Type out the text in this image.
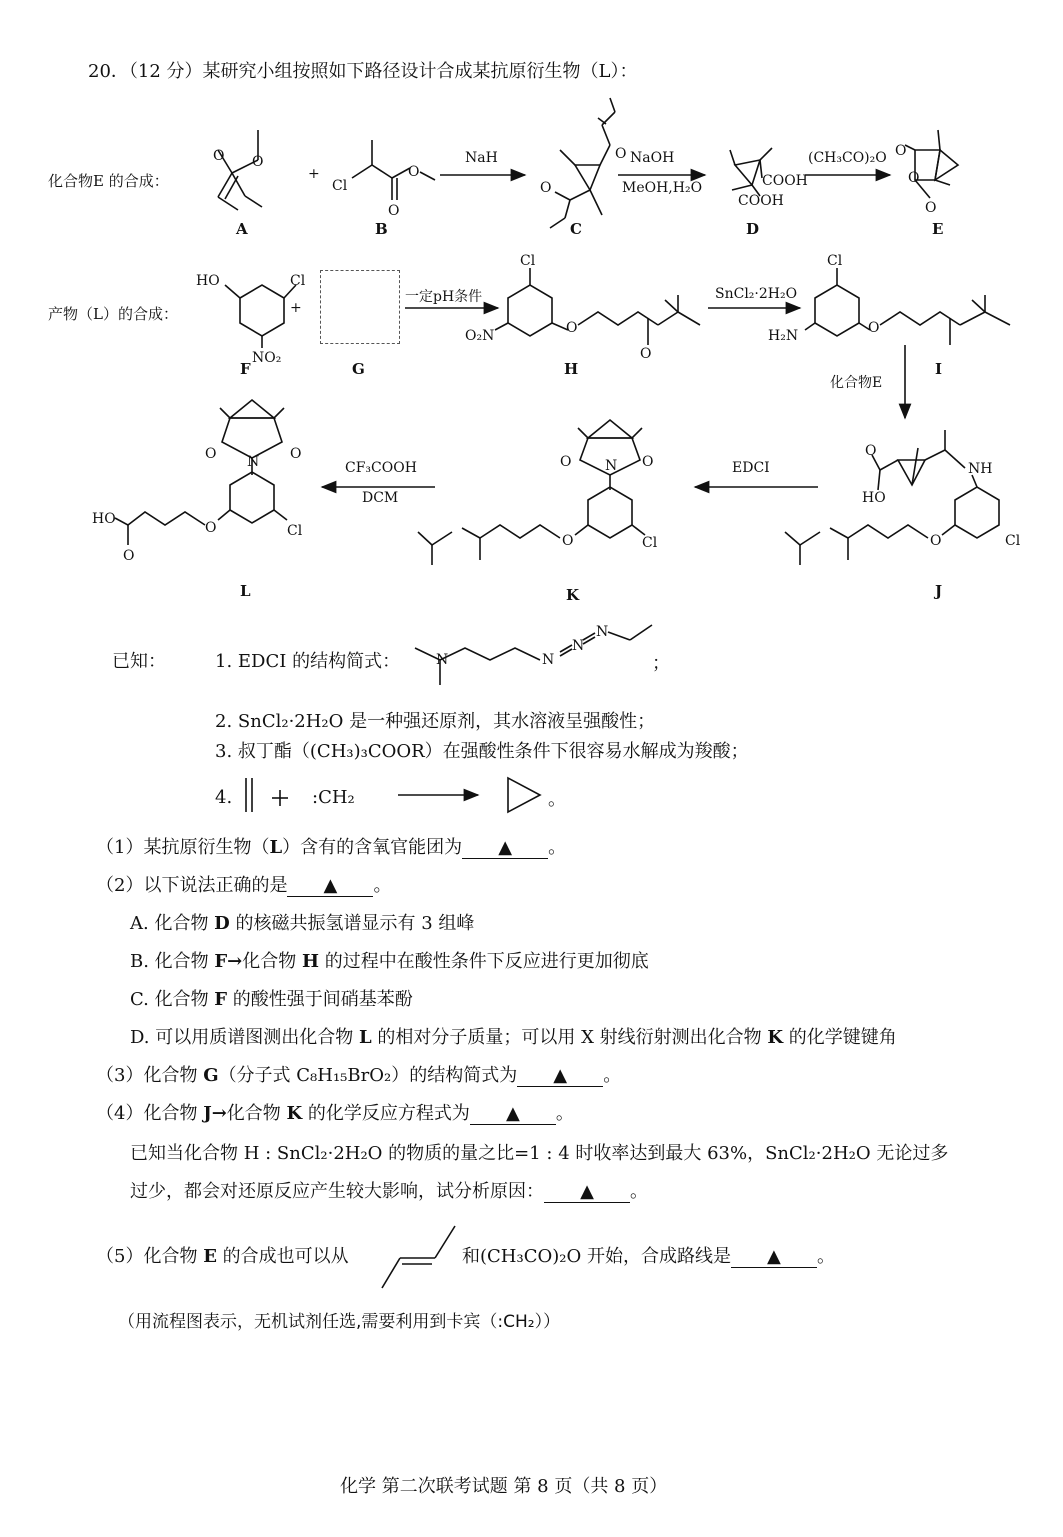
20．（12 分）某研究小组按照如下路径设计合成某抗原衍生物（L）：
化合物E 的合成：
产物（L）的合成：
O O
+
Cl
O
O
O
O	COOH
COOH
O
O
O
HO	Cl
NO₂
+
Cl
O₂N	O
O
Cl
H₂N	O
HO
O
NH
Cl
O
O	O
N
Cl
O
O	O
N
Cl
HO
O
O
NaH	NaOH
MeOH,H₂O
(CH₃CO)₂O
一定pH条件	SnCl₂·2H₂O
化合物E
EDCI
CF₃COOH
DCM
A	B	C	D	E
F	G	H	I
J
K
L
已知：	1. EDCI 的结构简式：	N	N
N
N
；
2. SnCl₂·2H₂O 是一种强还原剂，其水溶液呈强酸性；
3. 叔丁酯（(CH₃)₃COOR）在强酸性条件下很容易水解成为羧酸；
4.	:CH₂	。
（1）某抗原衍生物（L）含有的含氧官能团为 ▲ 。
（2）以下说法正确的是 ▲ 。
A. 化合物 D 的核磁共振氢谱显示有 3 组峰
B. 化合物 F→化合物 H 的过程中在酸性条件下反应进行更加彻底
C. 化合物 F 的酸性强于间硝基苯酚
D. 可以用质谱图测出化合物 L 的相对分子质量；可以用 X 射线衍射测出化合物 K 的化学键键角
（3）化合物 G（分子式 C₈H₁₅BrO₂）的结构简式为 ▲ 。
（4）化合物 J→化合物 K 的化学反应方程式为 ▲ 。
已知当化合物 H : SnCl₂·2H₂O 的物质的量之比=1 : 4 时收率达到最大 63%，SnCl₂·2H₂O 无论过多
过少，都会对还原反应产生较大影响，试分析原因： ▲ 。
（5）化合物 E 的合成也可以从	和(CH₃CO)₂O 开始，合成路线是 ▲ 。
（用流程图表示，无机试剂任选,需要利用到卡宾（:CH₂））
化学 第二次联考试题 第 8 页（共 8 页）
